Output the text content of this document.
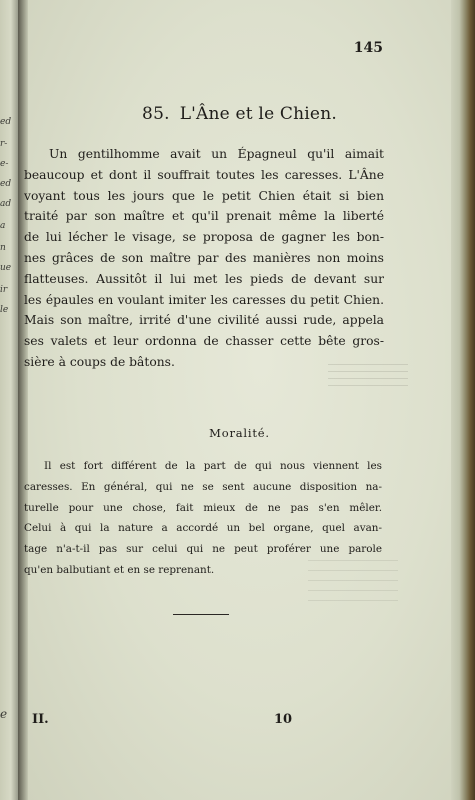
ed
r-
e-
ed
ad
a
n
ue
ir
le
e

145

85. L'Âne et le Chien.

Un gentilhomme avait un Épagneul qu'il aimait
beaucoup et dont il souffrait toutes les caresses. L'Âne
voyant tous les jours que le petit Chien était si bien
traité par son maître et qu'il prenait même la liberté
de lui lécher le visage, se proposa de gagner les bon-
nes grâces de son maître par des manières non moins
flatteuses. Aussitôt il lui met les pieds de devant sur
les épaules en voulant imiter les caresses du petit Chien.
Mais son maître, irrité d'une civilité aussi rude, appela
ses valets et leur ordonna de chasser cette bête gros-
sière à coups de bâtons.

Moralité.

Il est fort différent de la part de qui nous viennent les
caresses. En général, qui ne se sent aucune disposition na-
turelle pour une chose, fait mieux de ne pas s'en mêler.
Celui à qui la nature a accordé un bel organe, quel avan-
tage n'a-t-il pas sur celui qui ne peut proférer une parole
qu'en balbutiant et en se reprenant.

II.	10
